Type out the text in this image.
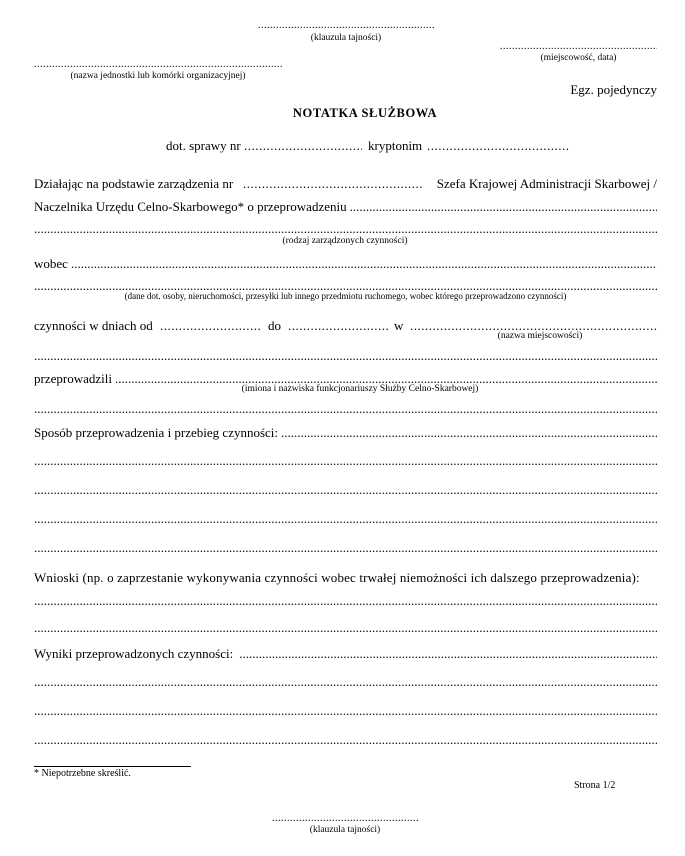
.....
(klauzula tajności)
.....
(miejscowość, data)
.....
(nazwa jednostki lub komórki organizacyjnej)
Egz. pojedynczy
NOTATKA SŁUŻBOWA
dot. sprawy nr .....	kryptonim
.....
Działając na podstawie zarządzenia nr .....	Szefa Krajowej Administracji Skarbowej /
Naczelnika Urzędu Celno-Skarbowego* o przeprowadzeniu
.....
.....
(rodzaj zarządzonych czynności)
wobec
.....
.....
(dane dot. osoby, nieruchomości, przesyłki lub innego przedmiotu ruchomego, wobec którego przeprowadzono czynności)
czynności w dniach od .....	do .....	w
.....
(nazwa miejscowości)
.....
przeprowadzili
.....
(imiona i nazwiska funkcjonariuszy Służby Celno-Skarbowej)
.....
Sposób przeprowadzenia i przebieg czynności:
.....
.....
.....
.....
.....
Wnioski (np. o zaprzestanie wykonywania czynności wobec trwałej niemożności ich dalszego przeprowadzenia):
.....
.....
Wyniki przeprowadzonych czynności:
.....
.....
.....
.....
* Niepotrzebne skreślić.
Strona 1/2
.....
(klauzula tajności)
